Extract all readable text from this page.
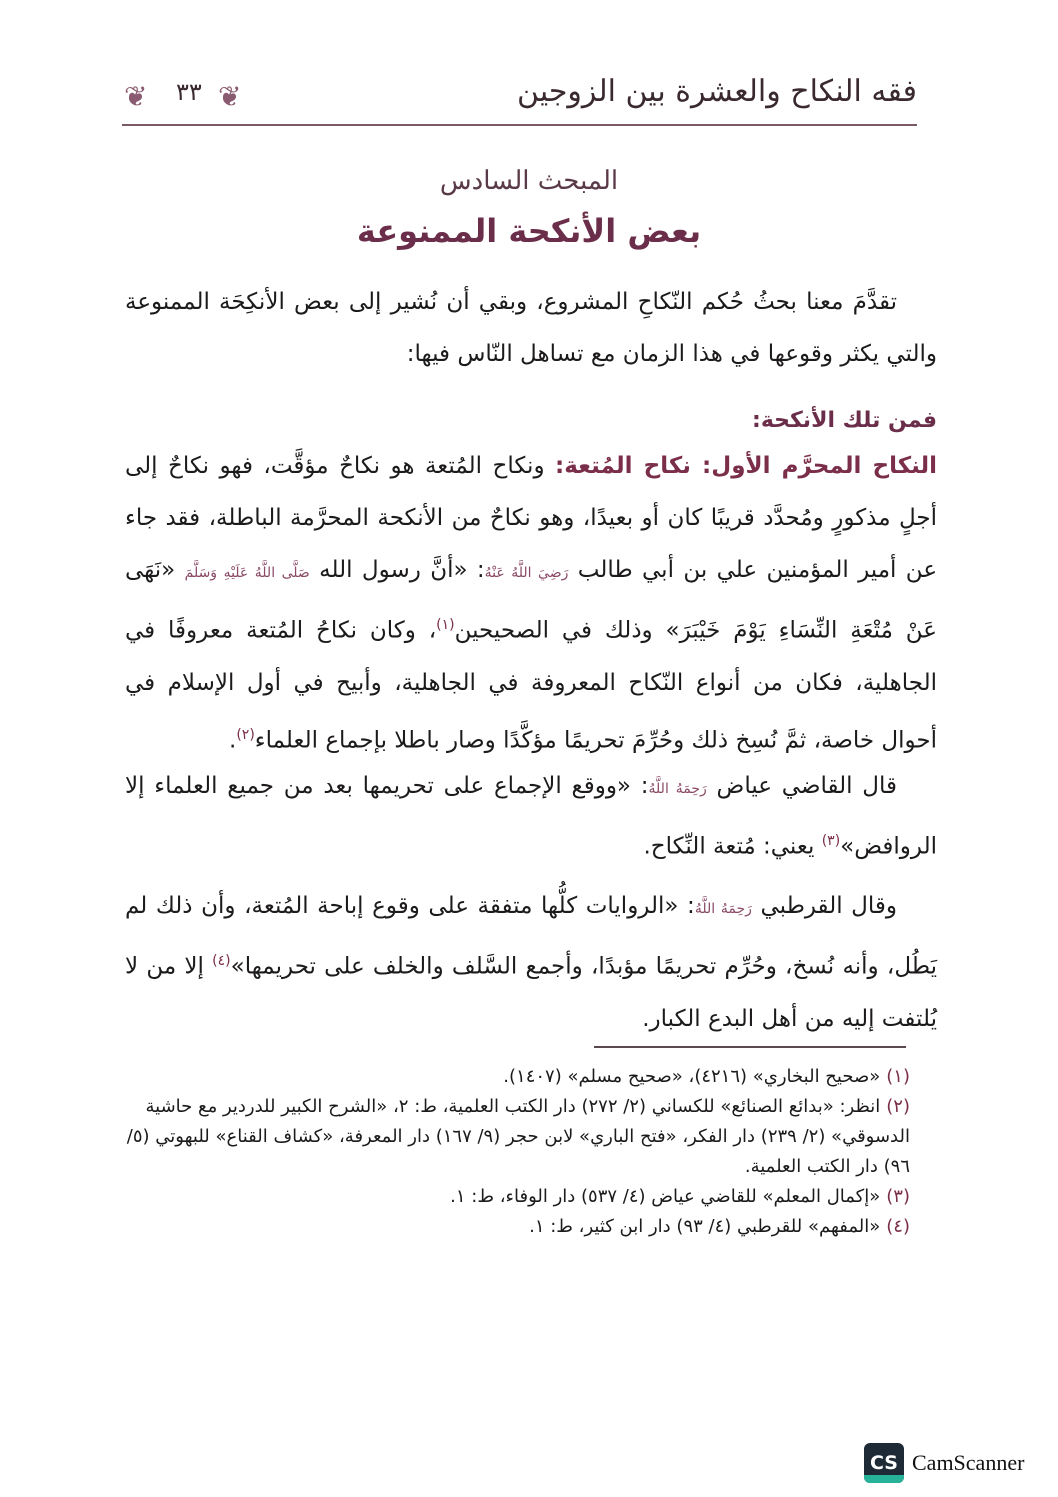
❦	٣٣ ❦	فقه النكاح والعشرة بين الزوجين
المبحث السادس
بعض الأنكحة الممنوعة

تقدَّمَ معنا بحثُ حُكم النّكاحِ المشروع، وبقي أن نُشير إلى بعض الأنكِحَة الممنوعة والتي يكثر وقوعها في هذا الزمان مع تساهل النّاس فيها:

فمن تلك الأنكحة:

النكاح المحرَّم الأول: نكاح المُتعة: ونكاح المُتعة هو نكاحٌ مؤقَّت، فهو نكاحٌ إلى أجلٍ مذكورٍ ومُحدَّد قريبًا كان أو بعيدًا، وهو نكاحٌ من الأنكحة المحرَّمة الباطلة، فقد جاء عن أمير المؤمنين علي بن أبي طالب رَضِيَ اللَّهُ عَنْهُ: «أنَّ رسول الله صَلَّى اللَّهُ عَلَيْهِ وَسَلَّمَ «نَهَى عَنْ مُتْعَةِ النِّسَاءِ يَوْمَ خَيْبَرَ» وذلك في الصحيحين$^{(١)}$، وكان نكاحُ المُتعة معروفًا في الجاهلية، فكان من أنواع النّكاح المعروفة في الجاهلية، وأبيح في أول الإسلام في أحوال خاصة، ثمَّ نُسِخ ذلك وحُرِّمَ تحريمًا مؤكَّدًا وصار باطلا بإجماع العلماء$^{(٢)}$.

قال القاضي عياض رَحِمَهُ اللَّهُ: «ووقع الإجماع على تحريمها بعد من جميع العلماء إلا الروافض»$^{(٣)}$ يعني: مُتعة النِّكاح.

وقال القرطبي رَحِمَهُ اللَّهُ: «الروايات كلُّها متفقة على وقوع إباحة المُتعة، وأن ذلك لم يَطُل، وأنه نُسخ، وحُرِّم تحريمًا مؤبدًا، وأجمع السَّلف والخلف على تحريمها»$^{(٤)}$ إلا من لا يُلتفت إليه من أهل البدع الكبار.

(١)«صحيح البخاري» (٤٢١٦)، «صحيح مسلم» (١٤٠٧).

(٢)انظر: «بدائع الصنائع» للكساني (٢/ ٢٧٢) دار الكتب العلمية، ط: ٢، «الشرح الكبير للدردير مع حاشية الدسوقي» (٢/ ٢٣٩) دار الفكر، «فتح الباري» لابن حجر (٩/ ١٦٧) دار المعرفة، «كشاف القناع» للبهوتي (٥/ ٩٦) دار الكتب العلمية.

(٣)«إكمال المعلم» للقاضي عياض (٤/ ٥٣٧) دار الوفاء، ط: ١.

(٤)«المفهم» للقرطبي (٤/ ٩٣) دار ابن كثير، ط: ١.

CS CamScanner
